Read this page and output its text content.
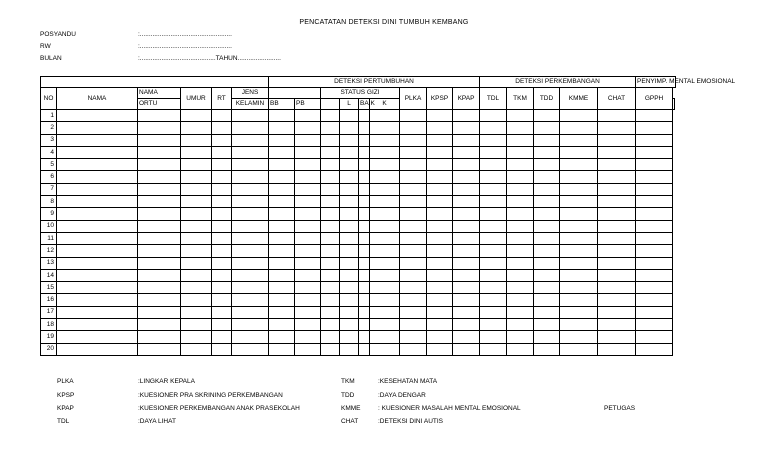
PENCATATAN DETEKSI DINI TUMBUH KEMBANG
POSYANDU	:...................................................
RW	:...................................................
BULAN	:..........................................TAHUN........................
						DETEKSI PERTUMBUHAN									DETEKSI PERKEMBANGAN					PENYIMP. MENTAL EMOSIONAL	
NO	NAMA	NAMA	UMUR	RT	JENS			STATUS GIZI				PLKA	KPSP	KPAP	TDL	TKM	TDD	KMME	CHAT	GPPH	
		ORTU			KELAMIN	BB	PB		L	BAIK	K	
1																					
2																					
3																					
4																					
5																					
6																					
7																					
8																					
9																					
10																					
11																					
12																					
13																					
14																					
15																					
16																					
17																					
18																					
19																					
20																					
PLKA	:LINGKAR KEPALA
KPSP	:KUESIONER PRA SKRINING PERKEMBANGAN
KPAP	:KUESIONER PERKEMBANGAN ANAK PRASEKOLAH
TDL	:DAYA LIHAT
TKM	:KESEHATAN MATA
TDD	:DAYA DENGAR
KMME	: KUESIONER MASALAH MENTAL EMOSIONAL
CHAT	:DETEKSI DINI AUTIS
PETUGAS
